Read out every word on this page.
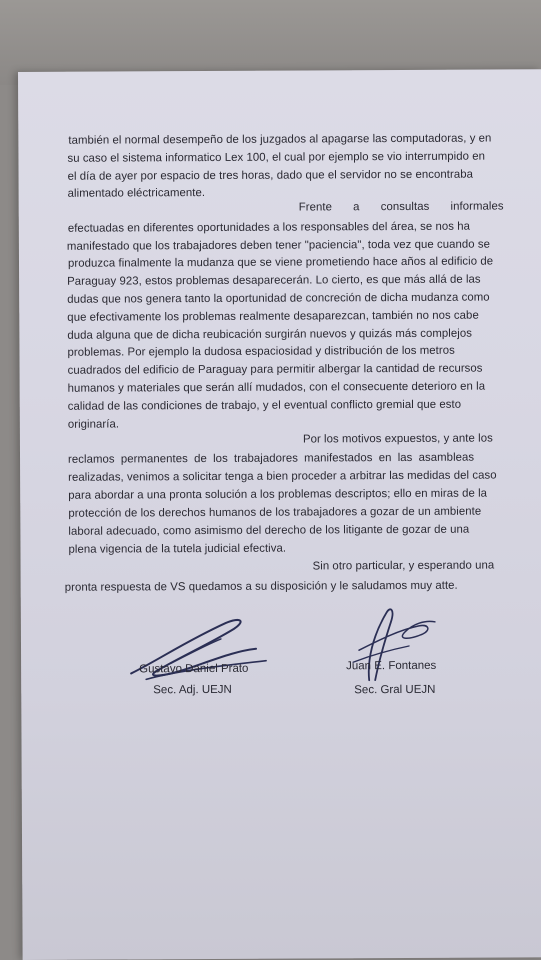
también el normal desempeño de los juzgados al apagarse las computadoras, y en
su caso el sistema informatico Lex 100, el cual por ejemplo se vio interrumpido en
el día de ayer por espacio de tres horas, dado que el servidor no se encontraba
alimentado eléctricamente.
Frente a consultas informales
efectuadas en diferentes oportunidades a los responsables del área, se nos ha
manifestado que los trabajadores deben tener "paciencia", toda vez que cuando se
produzca finalmente la mudanza que se viene prometiendo hace años al edificio de
Paraguay 923, estos problemas desaparecerán. Lo cierto, es que más allá de las
dudas que nos genera tanto la oportunidad de concreción de dicha mudanza como
que efectivamente los problemas realmente desaparezcan, también no nos cabe
duda alguna que de dicha reubicación surgirán nuevos y quizás más complejos
problemas. Por ejemplo la dudosa espaciosidad y distribución de los metros
cuadrados del edificio de Paraguay para permitir albergar la cantidad de recursos
humanos y materiales que serán allí mudados, con el consecuente deterioro en la
calidad de las condiciones de trabajo, y el eventual conflicto gremial que esto
originaría.
Por los motivos expuestos, y ante los
reclamos permanentes de los trabajadores manifestados en las asambleas
realizadas, venimos a solicitar tenga a bien proceder a arbitrar las medidas del caso
para abordar a una pronta solución a los problemas descriptos; ello en miras de la
protección de los derechos humanos de los trabajadores a gozar de un ambiente
laboral adecuado, como asimismo del derecho de los litigante de gozar de una
plena vigencia de la tutela judicial efectiva.
Sin otro particular, y esperando una
pronta respuesta de VS quedamos a su disposición y le saludamos muy atte.
Gustavo Daniel Prato
Sec. Adj. UEJN
Juan E. Fontanes
Sec. Gral UEJN
